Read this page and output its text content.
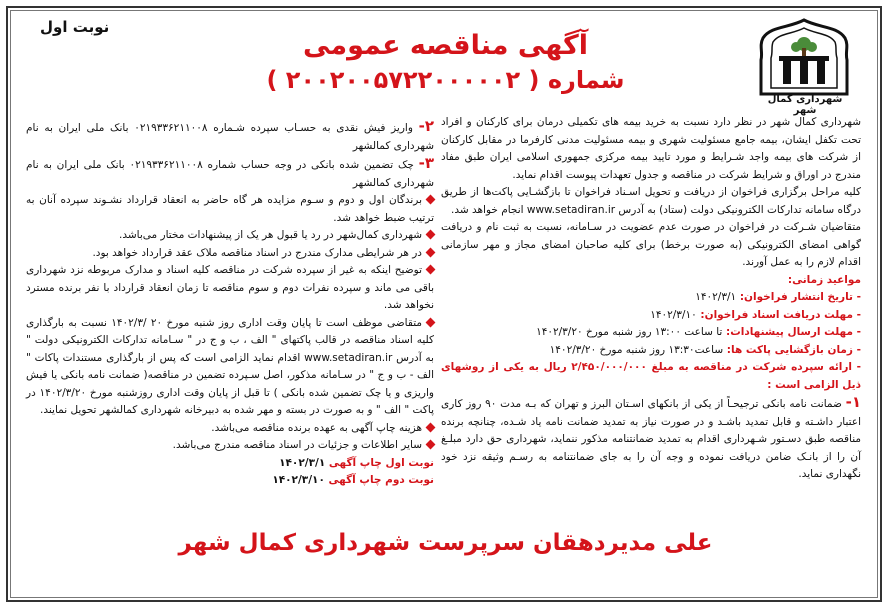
نوبت اول
شهرداری کمال شهر
آگهی مناقصه عمومی
شماره ( ۲۰۰۲۰۰۵۷۲۲۰۰۰۰۰۲ )

شهرداری کمال شهر در نظر دارد نسبت به خرید بیمه های تکمیلی درمان برای کارکنان و افراد تحت تکفل ایشان، بیمه جامع مسئولیت شهری و بیمه مسئولیت مدنی کارفرما در مقابل کارکنان از شرکت های بیمه واجد شـرایط و مورد تایید بیمه مرکزی جمهوری اسلامی ایران طبق مفاد مندرج در اوراق و شرایط شرکت در مناقصه و جدول تعهدات پیوست اقدام نماید.

کلیه مراحل برگزاری فراخوان از دریافت و تحویل اسـناد فراخوان تا بازگشـایی پاکت‌ها از طریق درگاه سامانه تدارکات الکترونیکی دولت (ستاد) به آدرس www.setadiran.ir انجام خواهد شد.

متقاضیان شـرکت در فراخوان در صورت عدم عضویت در سـامانه، نسبت به ثبت نام و دریافت گواهی امضای الکترونیکی (به صورت برخط) برای کلیه صاحبان امضای مجاز و مهر سازمانی اقدام لازم را به عمل آورند.

مواعید زمانی:
- تاریخ انتشار فراخوان: ۱۴۰۲/۳/۱
- مهلت دریافت اسناد فراخوان: ۱۴۰۲/۳/۱۰
- مهلت ارسال پیشنهادات: تا ساعت ۱۳:۰۰ روز شنبه مورخ ۱۴۰۲/۳/۲۰
- زمان بازگشایی پاکت ها: ساعت۱۳:۳۰ روز شنبه مورخ ۱۴۰۲/۳/۲۰
- ارائه سپرده شرکت در مناقصه به مبلغ ۲/۴۵۰/۰۰۰/۰۰۰ ریال به یکی از روشهای ذیل الزامی است :

۱- ضمانت نامه بانکی ترجیحـاً از یکی از بانکهای اسـتان البرز و تهران که بـه مدت ۹۰ روز کاری اعتبار داشـته و قابل تمدید باشـد و در صورت نیاز به تمدید ضمانت نامه یاد شـده، چنانچه برنده مناقصه طبق دسـتور شـهرداری اقدام به تمدید ضمانتنامه مذکور ننماید، شهرداری حق دارد مبلـغ آن را از بانـک ضامن دریافت نموده و وجه آن را به جای ضمانتنامه به رسـم وثیقه نزد خود نگهداری نماید.

۲- واریز فیش نقدی به حسـاب سپرده شـماره ۰۲۱۹۳۳۶۲۱۱۰۰۸ بانک ملی ایران به نام شهرداری کمالشهر

۳- چک تضمین شده بانکی در وجه حساب شماره ۰۲۱۹۳۳۶۲۱۱۰۰۸ بانک ملی ایران به نام شهرداری کمالشهر

برندگان اول و دوم و سـوم مزایده هر گاه حاضر به انعقاد قرارداد نشـوند سپرده آنان به ترتیب ضبط خواهد شد.

شهرداری کمال‌شهر در رد یا قبول هر یک از پیشنهادات مختار می‌باشد.

در هر شرایطی مدارک مندرج در اسناد مناقصه ملاک عقد قرارداد خواهد بود.

توضیح اینکه به غیر از سپرده شرکت در مناقصه کلیه اسناد و مدارک مربوطه نزد شهرداری باقی می ماند و سپرده نفرات دوم و سوم مناقصه تا زمان انعقاد قرارداد با نفر برنده مسترد نخواهد شد.

متقاضی موظف است تا پایان وقت اداری روز شنبه مورخ ۲۰ /۱۴۰۲/۳ نسبت به بارگذاری کلیه اسناد مناقصه در قالب پاکتهای " الف ، ب و ج در " سـامانه تدارکات الکترونیکی دولت " به آدرس www.setadiran.ir اقدام نماید الزامی است که پس از بارگذاری مستندات پاکات " الف - ب و ج " در سـامانه مذکور، اصل سـپرده تضمین در مناقصه( ضمانت نامه بانکی یا فیش واریزی و یا چک تضمین شده بانکی ) تا قبل از پایان وقت اداری روزشنبه مورخ ۱۴۰۲/۳/۲۰ در پاکت " الف " و به صورت در بسته و مهر شده به دبیرخانه شهرداری کمالشهر تحویل نمایند.

هزینه چاپ آگهی به عهده برنده مناقصه می‌باشد.

سایر اطلاعات و جزئیات در اسناد مناقصه مندرج می‌باشد.

نوبت اول چاپ آگهی ۱۴۰۲/۳/۱
نوبت دوم چاپ آگهی ۱۴۰۲/۳/۱۰
علی مدیردهقان سرپرست شهرداری کمال شهر
